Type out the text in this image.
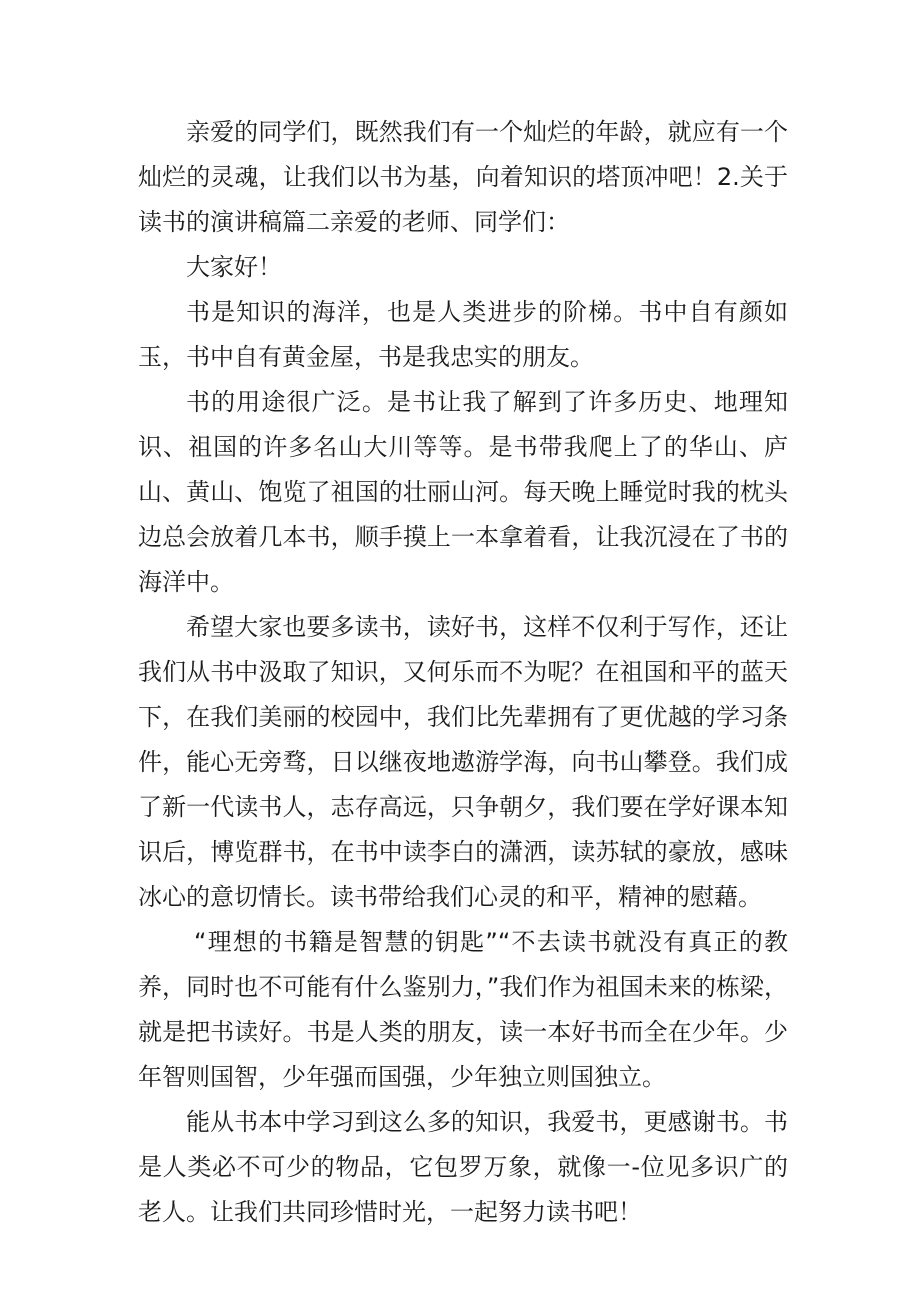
亲爱的同学们，既然我们有一个灿烂的年龄，就应有一个灿烂的灵魂，让我们以书为基，向着知识的塔顶冲吧！2.关于读书的演讲稿篇二亲爱的老师、同学们：

大家好！

书是知识的海洋，也是人类进步的阶梯。书中自有颜如玉，书中自有黄金屋，书是我忠实的朋友。

书的用途很广泛。是书让我了解到了许多历史、地理知识、祖国的许多名山大川等等。是书带我爬上了的华山、庐山、黄山、饱览了祖国的壮丽山河。每天晚上睡觉时我的枕头边总会放着几本书，顺手摸上一本拿着看，让我沉浸在了书的海洋中。

希望大家也要多读书，读好书，这样不仅利于写作，还让我们从书中汲取了知识，又何乐而不为呢？在祖国和平的蓝天下，在我们美丽的校园中，我们比先辈拥有了更优越的学习条件，能心无旁骛，日以继夜地遨游学海，向书山攀登。我们成了新一代读书人，志存高远，只争朝夕，我们要在学好课本知识后，博览群书，在书中读李白的潇洒，读苏轼的豪放，感味冰心的意切情长。读书带给我们心灵的和平，精神的慰藉。

“理想的书籍是智慧的钥匙”“不去读书就没有真正的教养，同时也不可能有什么鉴别力，”我们作为祖国未来的栋梁，就是把书读好。书是人类的朋友，读一本好书而全在少年。少年智则国智，少年强而国强，少年独立则国独立。

能从书本中学习到这么多的知识，我爱书，更感谢书。书是人类必不可少的物品，它包罗万象，就像一-位见多识广的老人。让我们共同珍惜时光，一起努力读书吧！
